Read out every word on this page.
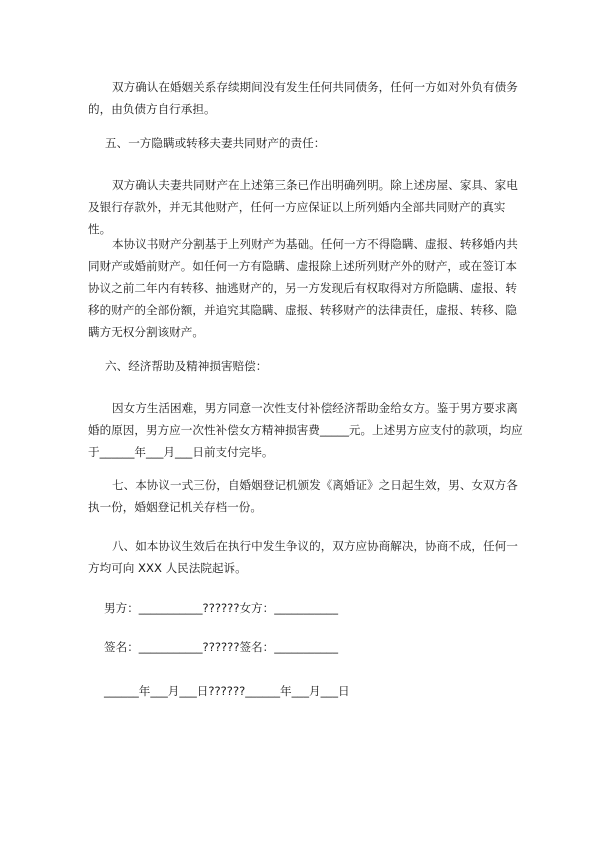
双方确认在婚姻关系存续期间没有发生任何共同债务，任何一方如对外负有债务的，由负债方自行承担。

五、一方隐瞒或转移夫妻共同财产的责任：

双方确认夫妻共同财产在上述第三条已作出明确列明。除上述房屋、家具、家电及银行存款外，并无其他财产，任何一方应保证以上所列婚内全部共同财产的真实性。

本协议书财产分割基于上列财产为基础。任何一方不得隐瞒、虚报、转移婚内共同财产或婚前财产。如任何一方有隐瞒、虚报除上述所列财产外的财产，或在签订本协议之前二年内有转移、抽逃财产的，另一方发现后有权取得对方所隐瞒、虚报、转移的财产的全部份额，并追究其隐瞒、虚报、转移财产的法律责任，虚报、转移、隐瞒方无权分割该财产。

六、经济帮助及精神损害赔偿：

因女方生活困难，男方同意一次性支付补偿经济帮助金给女方。鉴于男方要求离婚的原因，男方应一次性补偿女方精神损害费_____元。上述男方应支付的款项，均应于______年___月___日前支付完毕。

七、本协议一式三份，自婚姻登记机颁发《离婚证》之日起生效，男、女双方各执一份，婚姻登记机关存档一份。

八、如本协议生效后在执行中发生争议的，双方应协商解决，协商不成，任何一方均可向 XXX 人民法院起诉。

男方：___________??????女方：___________

签名：___________??????签名：___________

______年___月___日??????______年___月___日
